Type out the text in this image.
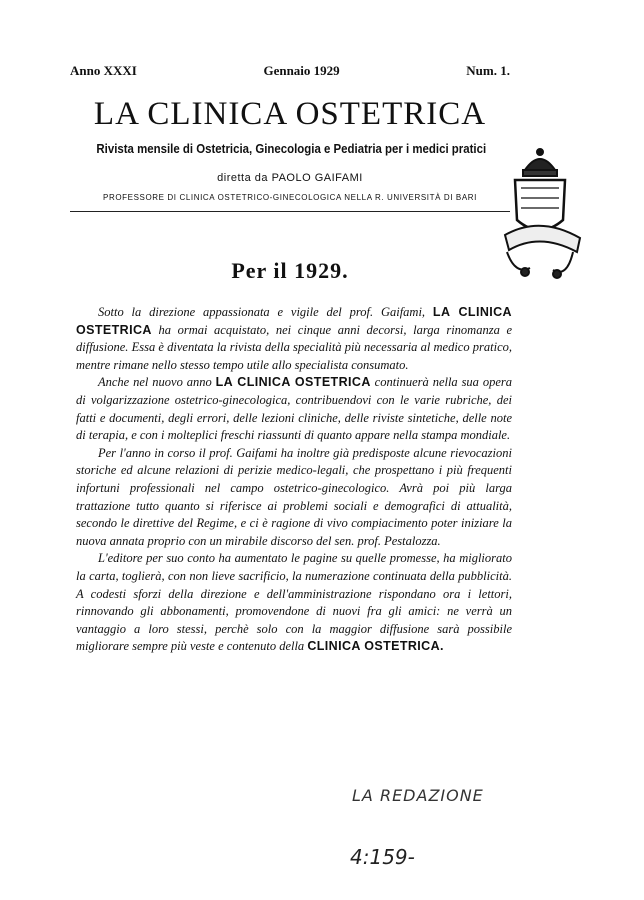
Anno XXXI	Gennaio 1929	Num. 1.
LA CLINICA OSTETRICA
Rivista mensile di Ostetricia, Ginecologia e Pediatria per i medici pratici
diretta da PAOLO GAIFAMI
PROFESSORE DI CLINICA OSTETRICO-GINECOLOGICA NELLA R. UNIVERSITÀ DI BARI
Per il 1929.

Sotto la direzione appassionata e vigile del prof. Gaifami, LA CLINICA OSTETRICA ha ormai acquistato, nei cinque anni decorsi, larga rinomanza e diffusione. Essa è diventata la rivista della specialità più necessaria al medico pratico, mentre rimane nello stesso tempo utile allo specialista consumato.

Anche nel nuovo anno LA CLINICA OSTETRICA continuerà nella sua opera di volgarizzazione ostetrico-ginecologica, contribuendovi con le varie rubriche, dei fatti e documenti, degli errori, delle lezioni cliniche, delle riviste sintetiche, delle note di terapia, e con i molteplici freschi riassunti di quanto appare nella stampa mondiale.

Per l'anno in corso il prof. Gaifami ha inoltre già predisposte alcune rievocazioni storiche ed alcune relazioni di perizie medico-legali, che prospettano i più frequenti infortuni professionali nel campo ostetrico-ginecologico. Avrà poi più larga trattazione tutto quanto si riferisce ai problemi sociali e demografici di attualità, secondo le direttive del Regime, e ci è ragione di vivo compiacimento poter iniziare la nuova annata proprio con un mirabile discorso del sen. prof. Pestalozza.

L'editore per suo conto ha aumentato le pagine su quelle promesse, ha migliorato la carta, toglierà, con non lieve sacrificio, la numerazione continuata della pubblicità. A codesti sforzi della direzione e dell'amministrazione rispondano ora i lettori, rinnovando gli abbonamenti, promovendone di nuovi fra gli amici: ne verrà un vantaggio a loro stessi, perchè solo con la maggior diffusione sarà possibile migliorare sempre più veste e contenuto della CLINICA OSTETRICA.

LA REDAZIONE
4:159-
